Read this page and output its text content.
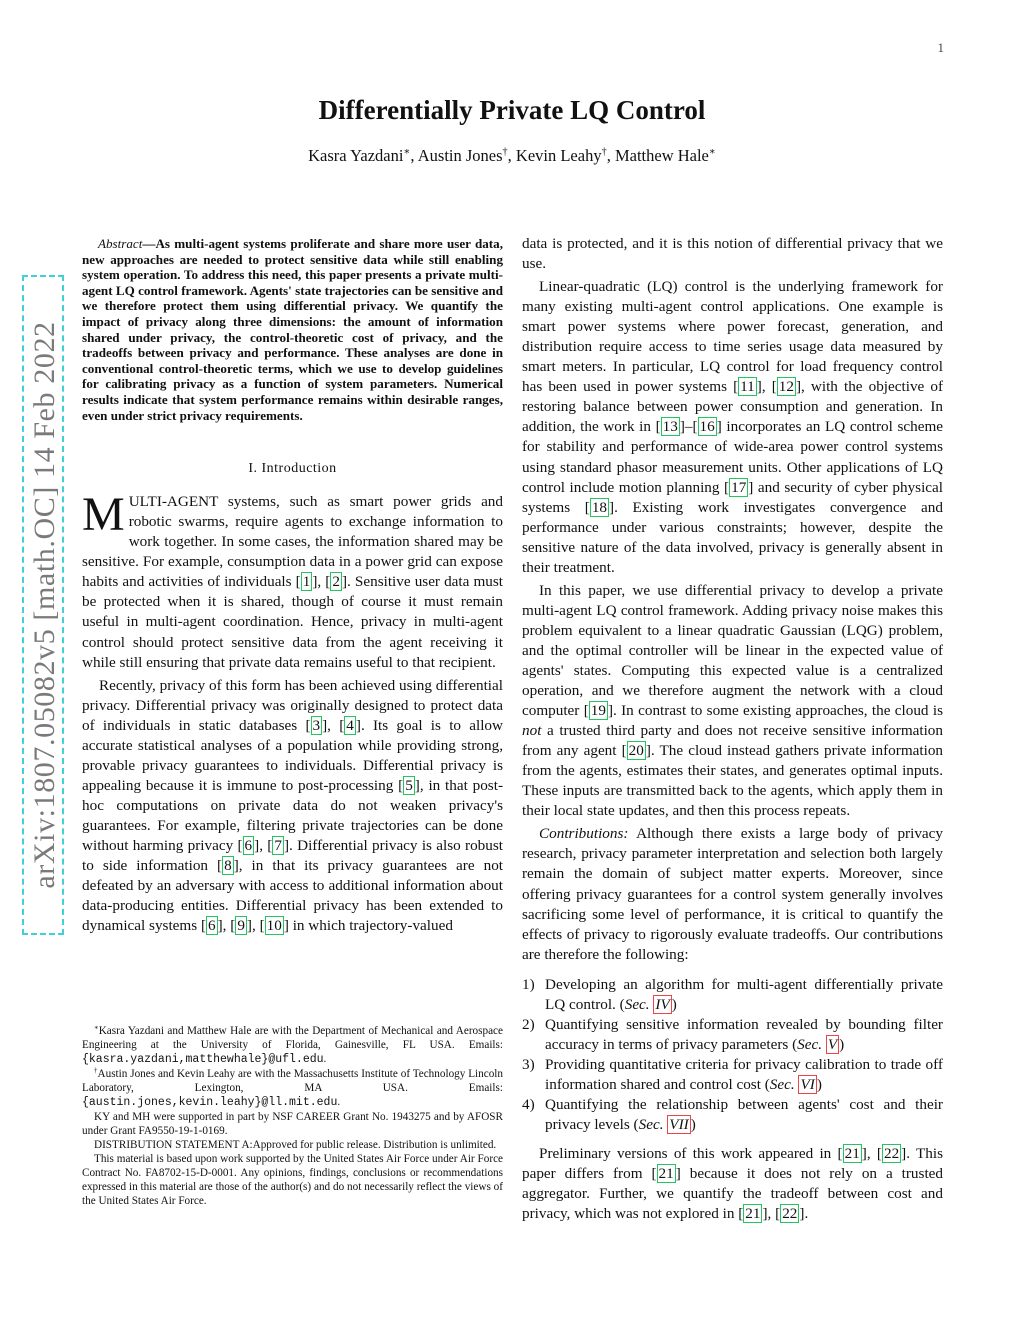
1
arXiv:1807.05082v5 [math.OC] 14 Feb 2022
Differentially Private LQ Control
Kasra Yazdani∗, Austin Jones†, Kevin Leahy†, Matthew Hale∗

Abstract—As multi-agent systems proliferate and share more user data, new approaches are needed to protect sensitive data while still enabling system operation. To address this need, this paper presents a private multi-agent LQ control framework. Agents' state trajectories can be sensitive and we therefore protect them using differential privacy. We quantify the impact of privacy along three dimensions: the amount of information shared under privacy, the control-theoretic cost of privacy, and the tradeoffs between privacy and performance. These analyses are done in conventional control-theoretic terms, which we use to develop guidelines for calibrating privacy as a function of system parameters. Numerical results indicate that system performance remains within desirable ranges, even under strict privacy requirements.

I. Introduction

MULTI-AGENT systems, such as smart power grids and robotic swarms, require agents to exchange information to work together. In some cases, the information shared may be sensitive. For example, consumption data in a power grid can expose habits and activities of individuals [ 1 ], [ 2 ]. Sensitive user data must be protected when it is shared, though of course it must remain useful in multi-agent coordination. Hence, privacy in multi-agent control should protect sensitive data from the agent receiving it while still ensuring that private data remains useful to that recipient.

Recently, privacy of this form has been achieved using differential privacy. Differential privacy was originally designed to protect data of individuals in static databases [ 3 ], [ 4 ]. Its goal is to allow accurate statistical analyses of a population while providing strong, provable privacy guarantees to individuals. Differential privacy is appealing because it is immune to post-processing [ 5 ], in that post-hoc computations on private data do not weaken privacy's guarantees. For example, filtering private trajectories can be done without harming privacy [ 6 ], [ 7 ]. Differential privacy is also robust to side information [ 8 ], in that its privacy guarantees are not defeated by an adversary with access to additional information about data-producing entities. Differential privacy has been extended to dynamical systems [ 6 ], [ 9 ], [ 10 ] in which trajectory-valued

∗Kasra Yazdani and Matthew Hale are with the Department of Mechanical and Aerospace Engineering at the University of Florida, Gainesville, FL USA. Emails: {kasra.yazdani,matthewhale}@ufl.edu.

†Austin Jones and Kevin Leahy are with the Massachusetts Institute of Technology Lincoln Laboratory, Lexington, MA USA. Emails: {austin.jones,kevin.leahy}@ll.mit.edu.

KY and MH were supported in part by NSF CAREER Grant No. 1943275 and by AFOSR under Grant FA9550-19-1-0169.

DISTRIBUTION STATEMENT A:Approved for public release. Distribution is unlimited.

This material is based upon work supported by the United States Air Force under Air Force Contract No. FA8702-15-D-0001. Any opinions, findings, conclusions or recommendations expressed in this material are those of the author(s) and do not necessarily reflect the views of the United States Air Force.

data is protected, and it is this notion of differential privacy that we use.

Linear-quadratic (LQ) control is the underlying framework for many existing multi-agent control applications. One example is smart power systems where power forecast, generation, and distribution require access to time series usage data measured by smart meters. In particular, LQ control for load frequency control has been used in power systems [ 11 ], [ 12 ], with the objective of restoring balance between power consumption and generation. In addition, the work in [ 13 ]–[ 16 ] incorporates an LQ control scheme for stability and performance of wide-area power control systems using standard phasor measurement units. Other applications of LQ control include motion planning [ 17 ] and security of cyber physical systems [ 18 ]. Existing work investigates convergence and performance under various constraints; however, despite the sensitive nature of the data involved, privacy is generally absent in their treatment.

In this paper, we use differential privacy to develop a private multi-agent LQ control framework. Adding privacy noise makes this problem equivalent to a linear quadratic Gaussian (LQG) problem, and the optimal controller will be linear in the expected value of agents' states. Computing this expected value is a centralized operation, and we therefore augment the network with a cloud computer [ 19 ]. In contrast to some existing approaches, the cloud is not a trusted third party and does not receive sensitive information from any agent [ 20 ]. The cloud instead gathers private information from the agents, estimates their states, and generates optimal inputs. These inputs are transmitted back to the agents, which apply them in their local state updates, and then this process repeats.

Contributions: Although there exists a large body of privacy research, privacy parameter interpretation and selection both largely remain the domain of subject matter experts. Moreover, since offering privacy guarantees for a control system generally involves sacrificing some level of performance, it is critical to quantify the effects of privacy to rigorously evaluate tradeoffs. Our contributions are therefore the following:

1) Developing an algorithm for multi-agent differentially private LQ control. (Sec. IV )
2) Quantifying sensitive information revealed by bounding filter accuracy in terms of privacy parameters (Sec. V )
3) Providing quantitative criteria for privacy calibration to trade off information shared and control cost (Sec. VI )
4) Quantifying the relationship between agents' cost and their privacy levels (Sec. VII )

Preliminary versions of this work appeared in [ 21 ], [ 22 ]. This paper differs from [ 21 ] because it does not rely on a trusted aggregator. Further, we quantify the tradeoff between cost and privacy, which was not explored in [ 21 ], [ 22 ].
